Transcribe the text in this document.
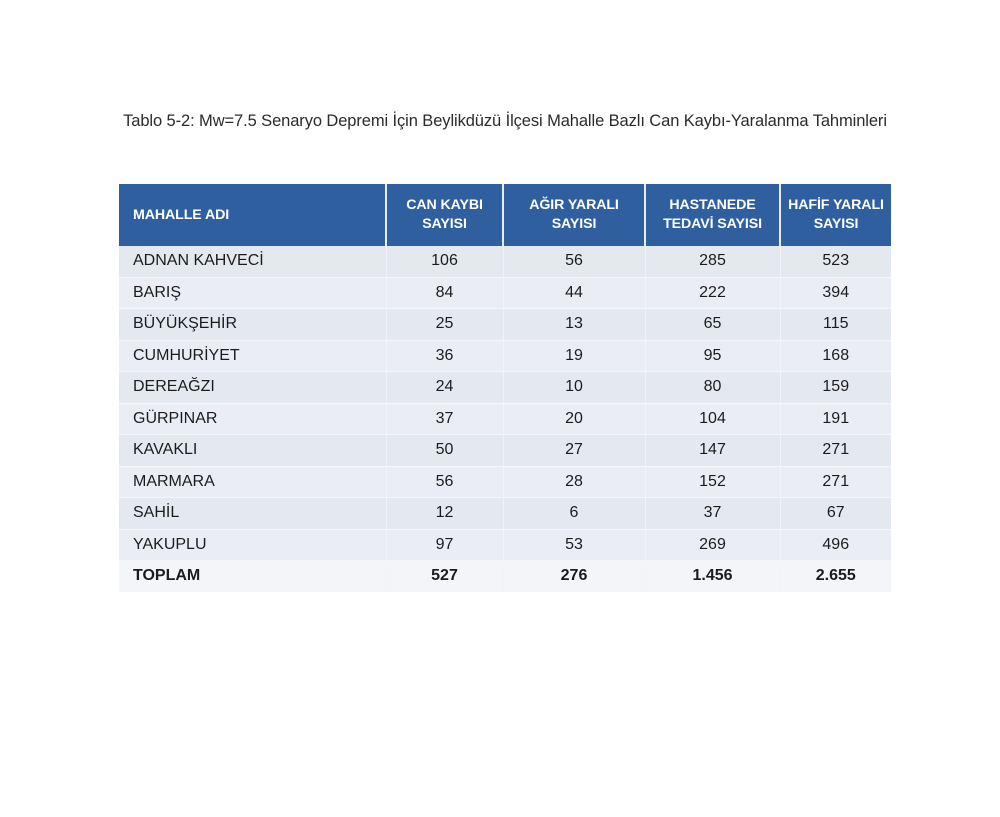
Tablo 5-2: Mw=7.5 Senaryo Depremi İçin Beylikdüzü İlçesi Mahalle Bazlı Can Kaybı-Yaralanma Tahminleri
MAHALLE ADI	CAN KAYBI SAYISI	AĞIR YARALI SAYISI	HASTANEDE TEDAVİ SAYISI	HAFİF YARALI SAYISI
ADNAN KAHVECİ	106	56	285	523
BARIŞ	84	44	222	394
BÜYÜKŞEHİR	25	13	65	115
CUMHURİYET	36	19	95	168
DEREAĞZI	24	10	80	159
GÜRPINAR	37	20	104	191
KAVAKLI	50	27	147	271
MARMARA	56	28	152	271
SAHİL	12	6	37	67
YAKUPLU	97	53	269	496
TOPLAM	527	276	1.456	2.655
